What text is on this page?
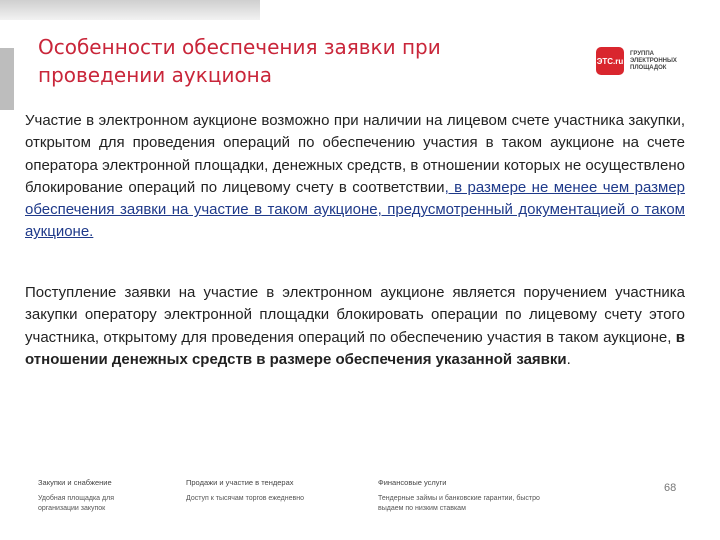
Особенности обеспечения заявки при проведении аукциона
ЭТС.ru
ГРУППА ЭЛЕКТРОННЫХ ПЛОЩАДОК

Участие в электронном аукционе возможно при наличии на лицевом счете участника закупки, открытом для проведения операций по обеспечению участия в таком аукционе на счете оператора электронной площадки, денежных средств, в отношении которых не осуществлено блокирование операций по лицевому счету в соответствии, в размере не менее чем размер обеспечения заявки на участие в таком аукционе, предусмотренный документацией о таком аукционе.

Поступление заявки на участие в электронном аукционе является поручением участника закупки оператору электронной площадки блокировать операции по лицевому счету этого участника, открытому для проведения операций по обеспечению участия в таком аукционе, в отношении денежных средств в размере обеспечения указанной заявки.

Закупки и снабжение
Удобная площадка для организации закупок
Продажи и участие в тендерах
Доступ к тысячам торгов ежедневно
Финансовые услуги
Тендерные займы и банковские гарантии, быстро выдаем по низким ставкам
68
